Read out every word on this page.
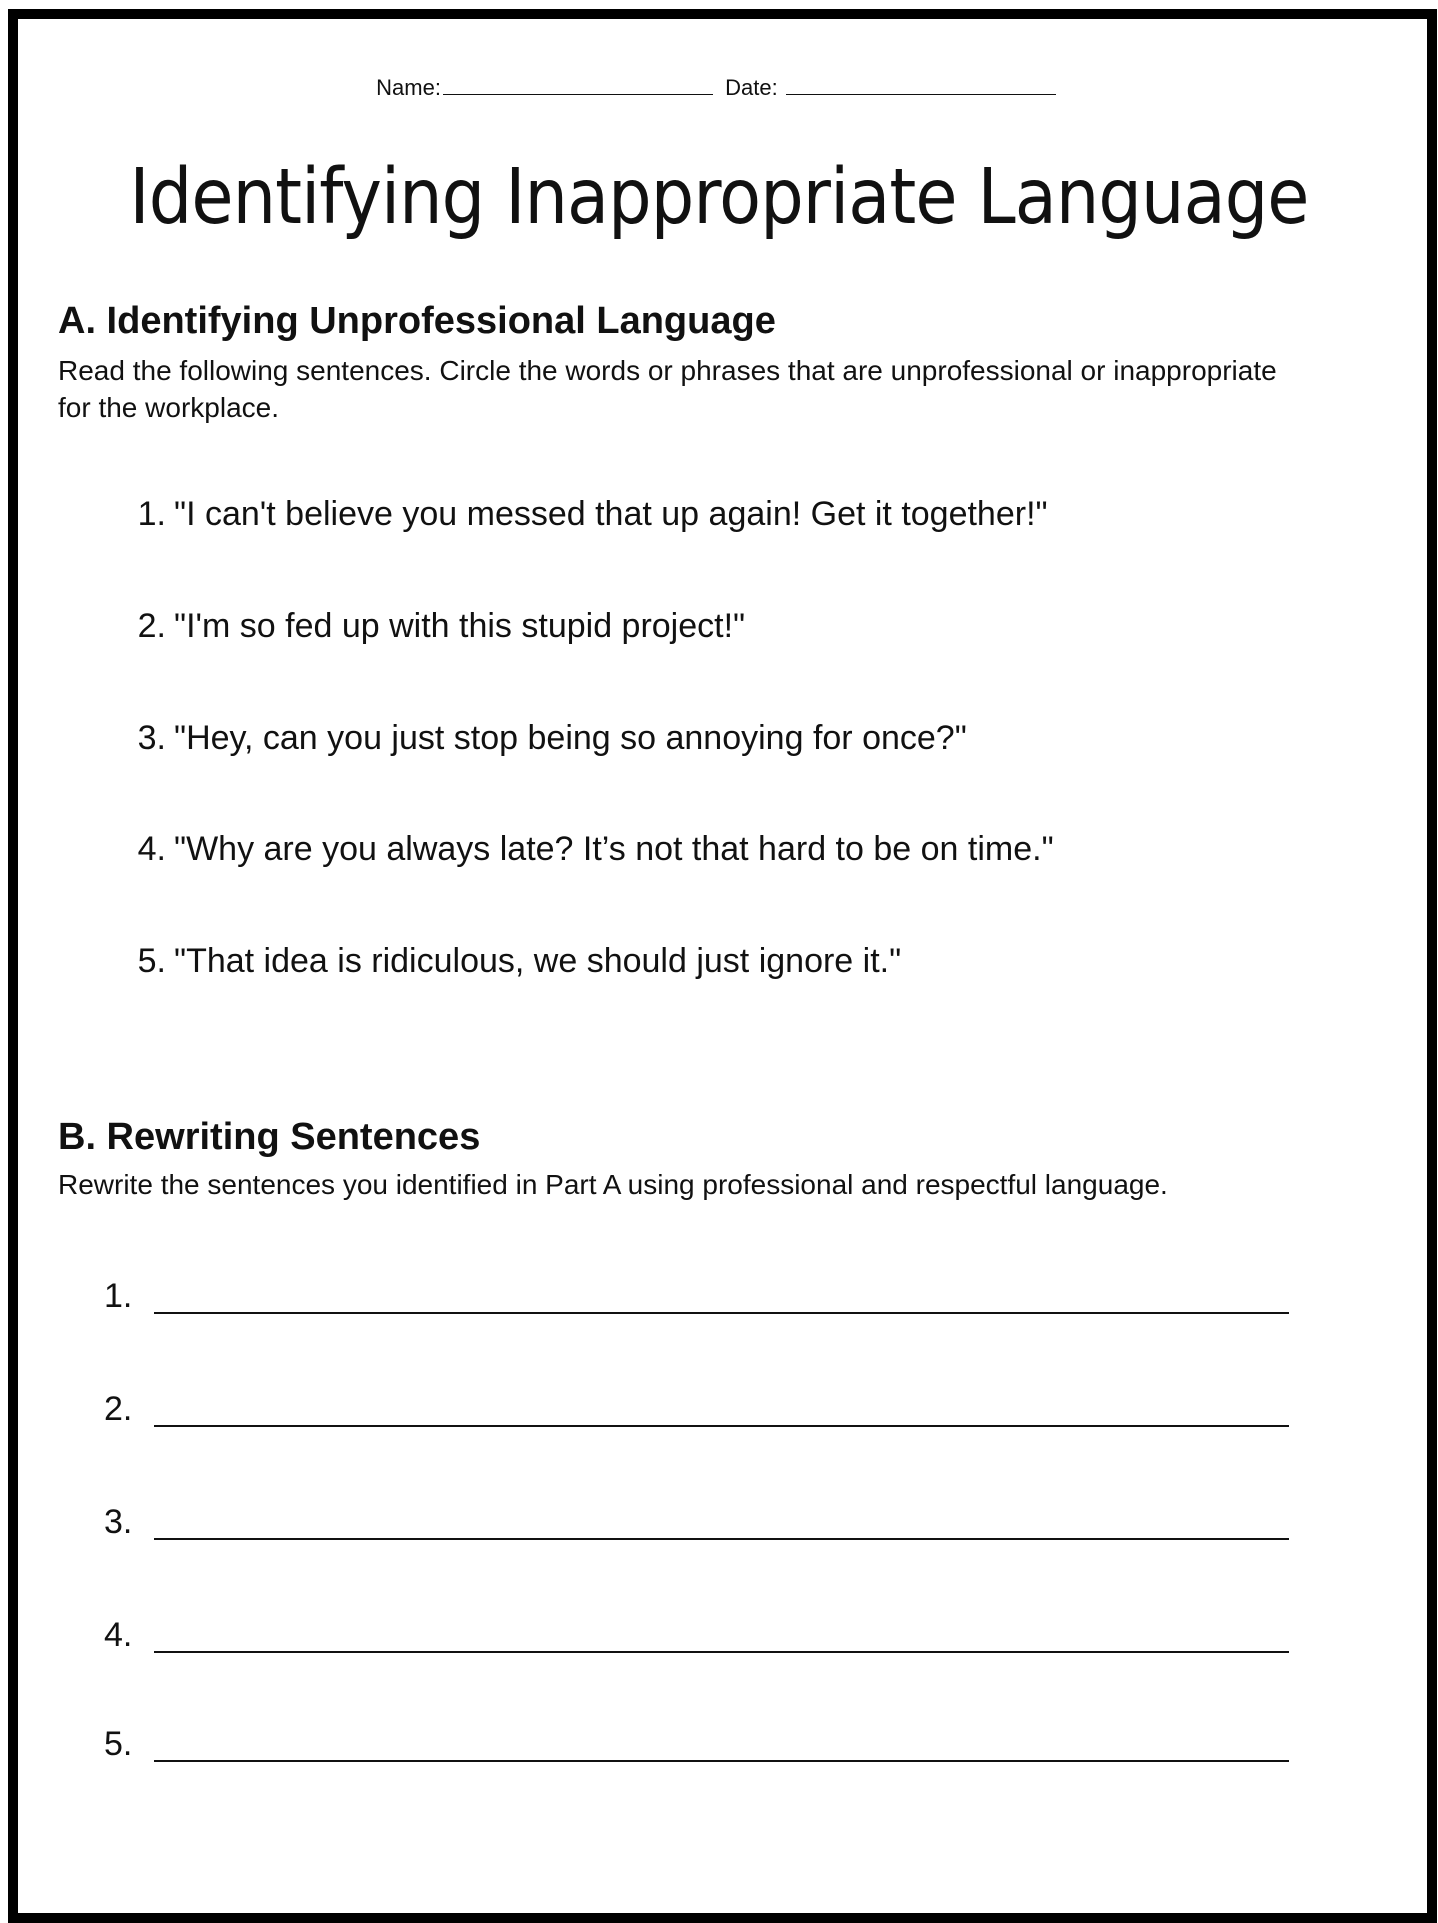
Name:	Date:
Identifying Inappropriate Language
A. Identifying Unprofessional Language

Read the following sentences. Circle the words or phrases that are unprofessional or inappropriate for the workplace.

1. "I can't believe you messed that up again! Get it together!"
2. "I'm so fed up with this stupid project!"
3. "Hey, can you just stop being so annoying for once?"
4. "Why are you always late? It’s not that hard to be on time."
5. "That idea is ridiculous, we should just ignore it."
B. Rewriting Sentences

Rewrite the sentences you identified in Part A using professional and respectful language.

1.
2.
3.
4.
5.
